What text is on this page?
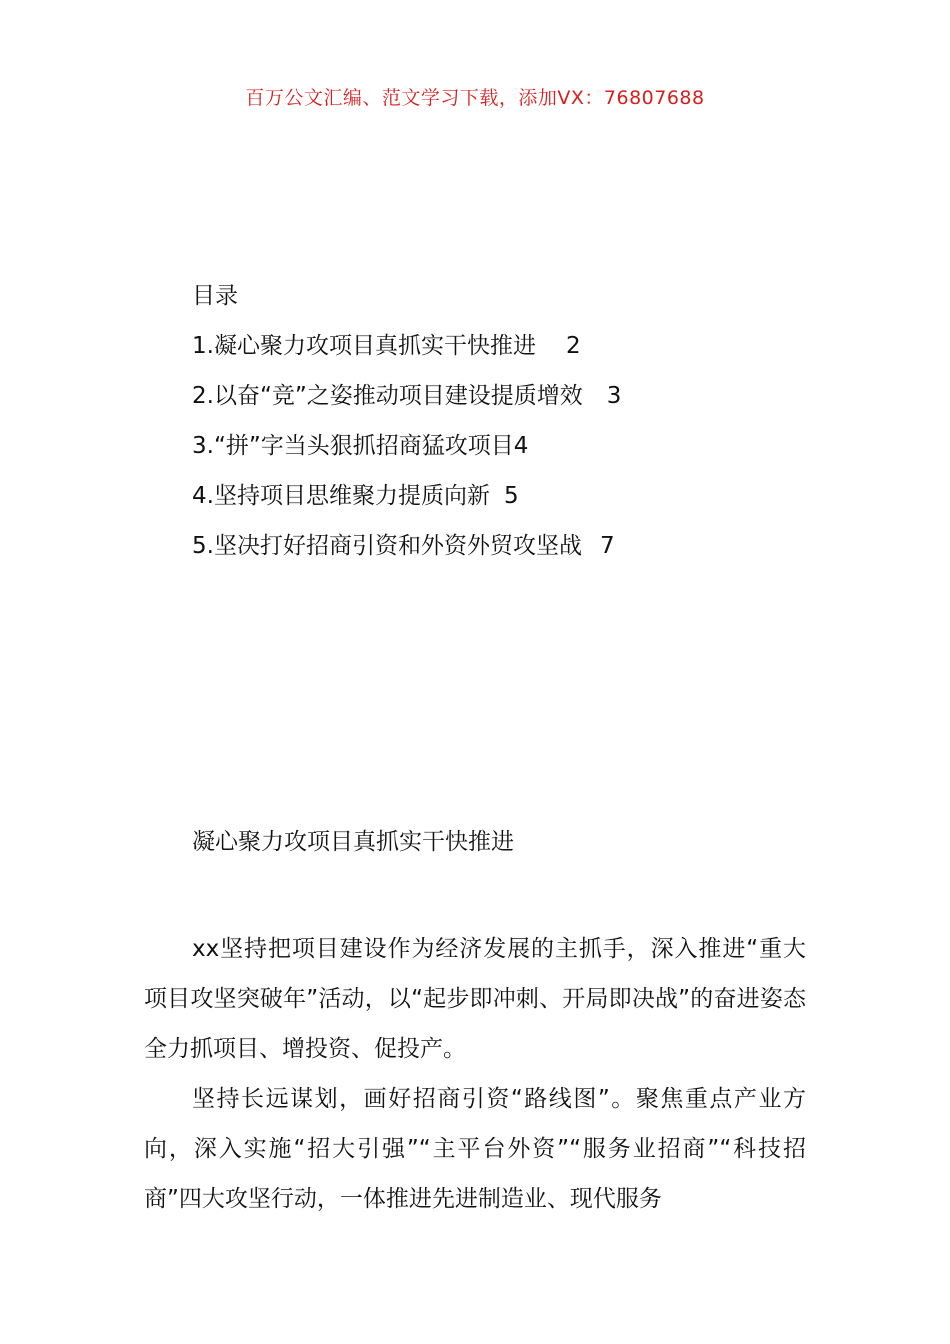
百万公文汇编、范文学习下载，添加VX：76807688
目录
1.凝心聚力攻项目真抓实干快推进 2
2.以奋“竞”之姿推动项目建设提质增效 3
3.“拼”字当头狠抓招商猛攻项目4
4.坚持项目思维聚力提质向新 5
5.坚决打好招商引资和外资外贸攻坚战 7
凝心聚力攻项目真抓实干快推进

xx坚持把项目建设作为经济发展的主抓手，深入推进“重大项目攻坚突破年”活动，以“起步即冲刺、开局即决战”的奋进姿态全力抓项目、增投资、促投产。

坚持长远谋划，画好招商引资“路线图”。聚焦重点产业方向，深入实施“招大引强”“主平台外资”“服务业招商”“科技招商”四大攻坚行动，一体推进先进制造业、现代服务
